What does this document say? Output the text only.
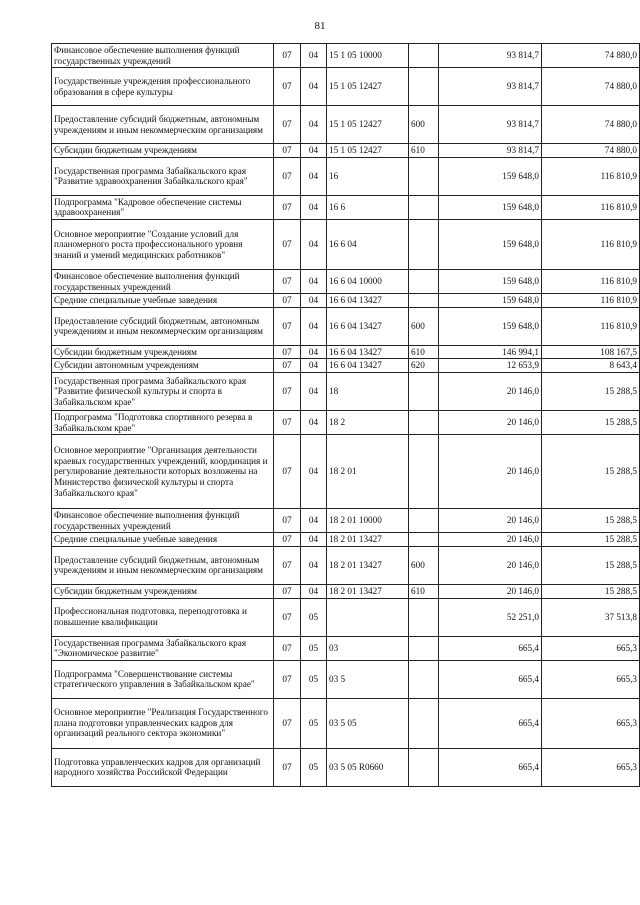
81
Финансовое обеспечение выполнения функций государственных учреждений	07	04	15 1 05 10000		93 814,7	74 880,0
Государственные учреждения профессионального образования в сфере культуры	07	04	15 1 05 12427		93 814,7	74 880,0
Предоставление субсидий бюджетным, автономным учреждениям и иным некоммерческим организациям	07	04	15 1 05 12427	600	93 814,7	74 880,0
Субсидии бюджетным учреждениям	07	04	15 1 05 12427	610	93 814,7	74 880,0
Государственная программа Забайкальского края "Развитие здравоохранения Забайкальского края"	07	04	16		159 648,0	116 810,9
Подпрограмма "Кадровое обеспечение системы здравоохранения"	07	04	16 6		159 648,0	116 810,9
Основное мероприятие "Создание условий для планомерного роста профессионального уровня знаний и умений медицинских работников"	07	04	16 6 04		159 648,0	116 810,9
Финансовое обеспечение выполнения функций государственных учреждений	07	04	16 6 04 10000		159 648,0	116 810,9
Средние специальные учебные заведения	07	04	16 6 04 13427		159 648,0	116 810,9
Предоставление субсидий бюджетным, автономным учреждениям и иным некоммерческим организациям	07	04	16 6 04 13427	600	159 648,0	116 810,9
Субсидии бюджетным учреждениям	07	04	16 6 04 13427	610	146 994,1	108 167,5
Субсидии автономным учреждениям	07	04	16 6 04 13427	620	12 653,9	8 643,4
Государственная программа Забайкальского края "Развитие физической культуры и спорта в Забайкальском крае"	07	04	18		20 146,0	15 288,5
Подпрограмма "Подготовка спортивного резерва в Забайкальском крае"	07	04	18 2		20 146,0	15 288,5
Основное мероприятие "Организация деятельности краевых государственных учреждений, координация и регулирование деятельности которых возложены на Министерство физической культуры и спорта Забайкальского края"	07	04	18 2 01		20 146,0	15 288,5
Финансовое обеспечение выполнения функций государственных учреждений	07	04	18 2 01 10000		20 146,0	15 288,5
Средние специальные учебные заведения	07	04	18 2 01 13427		20 146,0	15 288,5
Предоставление субсидий бюджетным, автономным учреждениям и иным некоммерческим организациям	07	04	18 2 01 13427	600	20 146,0	15 288,5
Субсидии бюджетным учреждениям	07	04	18 2 01 13427	610	20 146,0	15 288,5
Профессиональная подготовка, переподготовка и повышение квалификации	07	05			52 251,0	37 513,8
Государственная программа Забайкальского края "Экономическое развитие"	07	05	03		665,4	665,3
Подпрограмма "Совершенствование системы стратегического управления в Забайкальском крае"	07	05	03 5		665,4	665,3
Основное мероприятие "Реализация Государственного плана подготовки управленческих кадров для организаций реального сектора экономики"	07	05	03 5 05		665,4	665,3
Подготовка управленческих кадров для организаций народного хозяйства Российской Федерации	07	05	03 5 05 R0660		665,4	665,3
